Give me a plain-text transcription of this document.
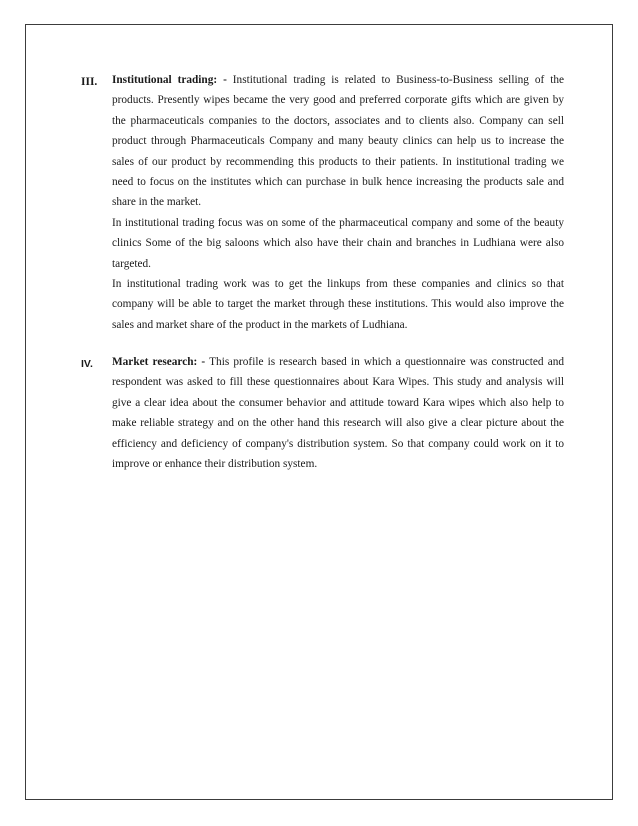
III.	Institutional trading: - Institutional trading is related to Business-to-Business selling of the products. Presently wipes became the very good and preferred corporate gifts which are given by the pharmaceuticals companies to the doctors, associates and to clients also. Company can sell product through Pharmaceuticals Company and many beauty clinics can help us to increase the sales of our product by recommending this products to their patients. In institutional trading we need to focus on the institutes which can purchase in bulk hence increasing the products sale and share in the market.

In institutional trading focus was on some of the pharmaceutical company and some of the beauty clinics Some of the big saloons which also have their chain and branches in Ludhiana were also targeted.

In institutional trading work was to get the linkups from these companies and clinics so that company will be able to target the market through these institutions. This would also improve the sales and market share of the product in the markets of Ludhiana.

IV.	Market research: - This profile is research based in which a questionnaire was constructed and respondent was asked to fill these questionnaires about Kara Wipes. This study and analysis will give a clear idea about the consumer behavior and attitude toward Kara wipes which also help to make reliable strategy and on the other hand this research will also give a clear picture about the efficiency and deficiency of company's distribution system. So that company could work on it to improve or enhance their distribution system.
